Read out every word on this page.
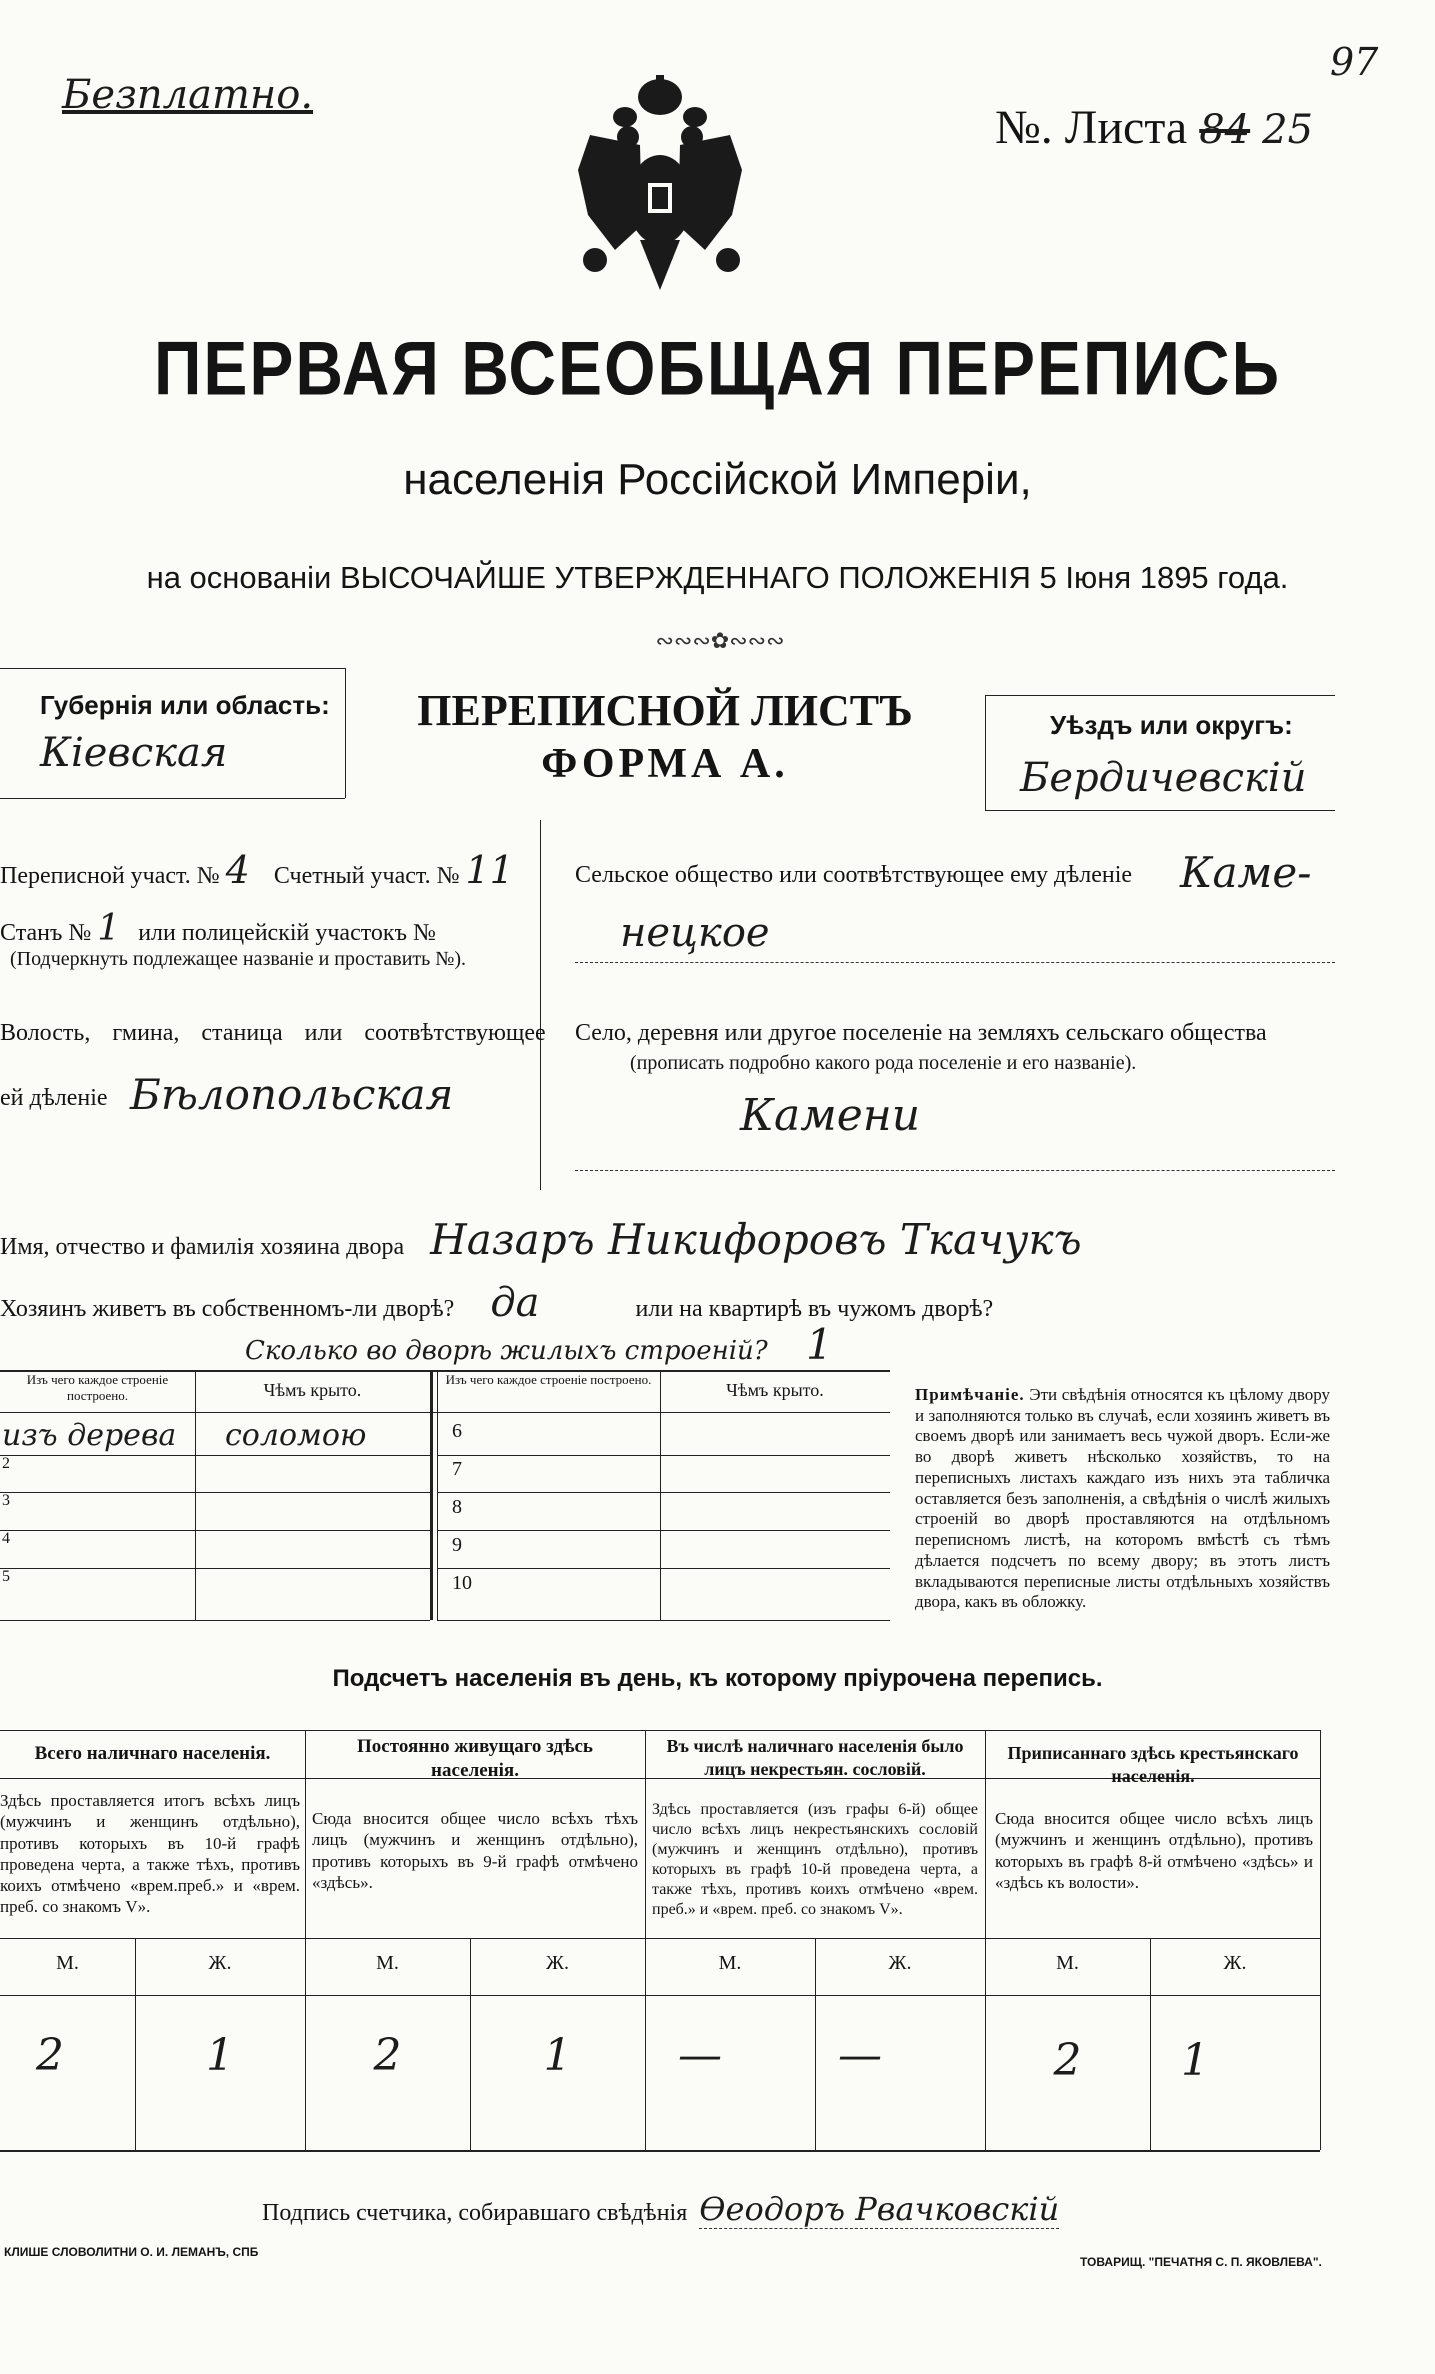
Безплатно.
97
№. Листа 84 25
ПЕРВАЯ ВСЕОБЩАЯ ПЕРЕПИСЬ
населенія Россійской Имперіи,
на основаніи ВЫСОЧАЙШЕ УТВЕРЖДЕННАГО ПОЛОЖЕНІЯ 5 Іюня 1895 года.
∾∾∾✿∾∾∾
Губернія или область:
Кіевская
ПЕРЕПИСНОЙ ЛИСТЪ
ФОРМА А.
Уѣздъ или округъ:
Бердичевскій
Переписной участ. № 4 Счетный участ. № 11
Станъ № 1 или полицейскій участокъ №
(Подчеркнуть подлежащее названіе и проставить №).
Волость, гмина, станица или соотвѣтствующее
ей дѣленіе Бѣлопольская
Сельское общество или соотвѣтствующее ему дѣленіе Каме-
нецкое
Село, деревня или другое поселеніе на земляхъ сельскаго общества
(прописать подробно какого рода поселеніе и его названіе).
Камени
Имя, отчество и фамилія хозяина двора Назаръ Никифоровъ Ткачукъ
Хозяинъ живетъ въ собственномъ-ли дворѣ? да	или на квартирѣ въ чужомъ дворѣ?
Сколько во дворѣ жилыхъ строеній? 1
Изъ чего каждое строеніе построено.	Чѣмъ крыто.
Изъ чего каждое строеніе построено.
Чѣмъ крыто.
изъ дерева соломою
2
3
4
5
6
7
8
9
10
Примѣчаніе. Эти свѣдѣнія относятся къ цѣлому двору и заполняются только въ случаѣ, если хозяинъ живетъ въ своемъ дворѣ или занимаетъ весь чужой дворъ. Если-же во дворѣ живетъ нѣсколько хозяйствъ, то на переписныхъ листахъ каждаго изъ нихъ эта табличка оставляется безъ заполненія, а свѣдѣнія о числѣ жилыхъ строеній во дворѣ проставляются на отдѣльномъ переписномъ листѣ, на которомъ вмѣстѣ съ тѣмъ дѣлается подсчетъ по всему двору; въ этотъ листъ вкладываются переписные листы отдѣльныхъ хозяйствъ двора, какъ въ обложку.
Подсчетъ населенія въ день, къ которому пріурочена перепись.
Всего наличнаго населенія.
Здѣсь проставляется итогъ всѣхъ лицъ (мужчинъ и женщинъ отдѣльно), противъ которыхъ въ 10-й графѣ проведена черта, а также тѣхъ, противъ коихъ отмѣчено «врем.преб.» и «врем. преб. со знакомъ V».
Постоянно живущаго здѣсь населенія.
Сюда вносится общее число всѣхъ тѣхъ лицъ (мужчинъ и женщинъ отдѣльно), противъ которыхъ въ 9-й графѣ отмѣчено «здѣсь».
Въ числѣ наличнаго населенія было лицъ некрестьян. сословій.
Здѣсь проставляется (изъ графы 6-й) общее число всѣхъ лицъ некрестьянскихъ сословій (мужчинъ и женщинъ отдѣльно), противъ которыхъ въ графѣ 10-й проведена черта, а также тѣхъ, противъ коихъ отмѣчено «врем. преб.» и «врем. преб. со знакомъ V».
Приписаннаго здѣсь крестьянскаго населенія.
Сюда вносится общее число всѣхъ лицъ (мужчинъ и женщинъ отдѣльно), противъ которыхъ въ графѣ 8-й отмѣчено «здѣсь» и «здѣсь къ волости».
М.	Ж.	М.	Ж.	М.	Ж.	М.	Ж.
2	1	2	1	—	—	2	1
Подпись счетчика, собиравшаго свѣдѣнія Ѳеодоръ Рвачковскій
КЛИШЕ СЛОВОЛИТНИ О. И. ЛЕМАНЪ, СПБ
ТОВАРИЩ. "ПЕЧАТНЯ С. П. ЯКОВЛЕВА".
